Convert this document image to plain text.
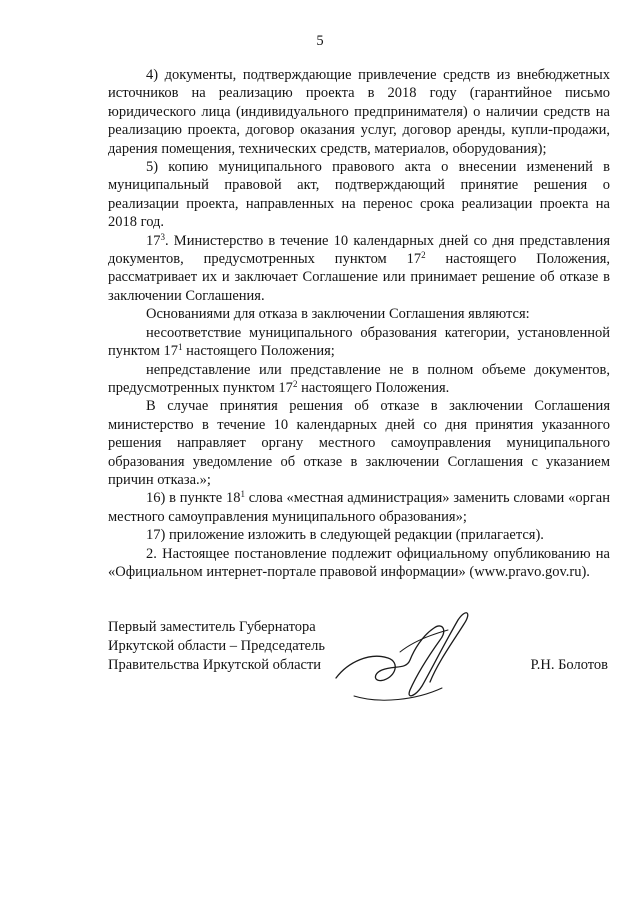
5

4) документы, подтверждающие привлечение средств из внебюджетных источников на реализацию проекта в 2018 году (гарантийное письмо юридического лица (индивидуального предпринимателя) о наличии средств на реализацию проекта, договор оказания услуг, договор аренды, купли-продажи, дарения помещения, технических средств, материалов, оборудования);

5) копию муниципального правового акта о внесении изменений в муниципальный правовой акт, подтверждающий принятие решения о реализации проекта, направленных на перенос срока реализации проекта на 2018 год.

$17^3$. Министерство в течение 10 календарных дней со дня представления документов, предусмотренных пунктом $17^2$ настоящего Положения, рассматривает их и заключает Соглашение или принимает решение об отказе в заключении Соглашения.

Основаниями для отказа в заключении Соглашения являются:

несоответствие муниципального образования категории, установленной пунктом $17^1$ настоящего Положения;

непредставление или представление не в полном объеме документов, предусмотренных пунктом $17^2$ настоящего Положения.

В случае принятия решения об отказе в заключении Соглашения министерство в течение 10 календарных дней со дня принятия указанного решения направляет органу местного самоуправления муниципального образования уведомление об отказе в заключении Соглашения с указанием причин отказа.»;

16) в пункте $18^1$ слова «местная администрация» заменить словами «орган местного самоуправления муниципального образования»;

17) приложение изложить в следующей редакции (прилагается).

2. Настоящее постановление подлежит официальному опубликованию на «Официальном интернет-портале правовой информации» (www.pravo.gov.ru).

Первый заместитель Губернатора
Иркутской области – Председатель
Правительства Иркутской области	Р.Н. Болотов
